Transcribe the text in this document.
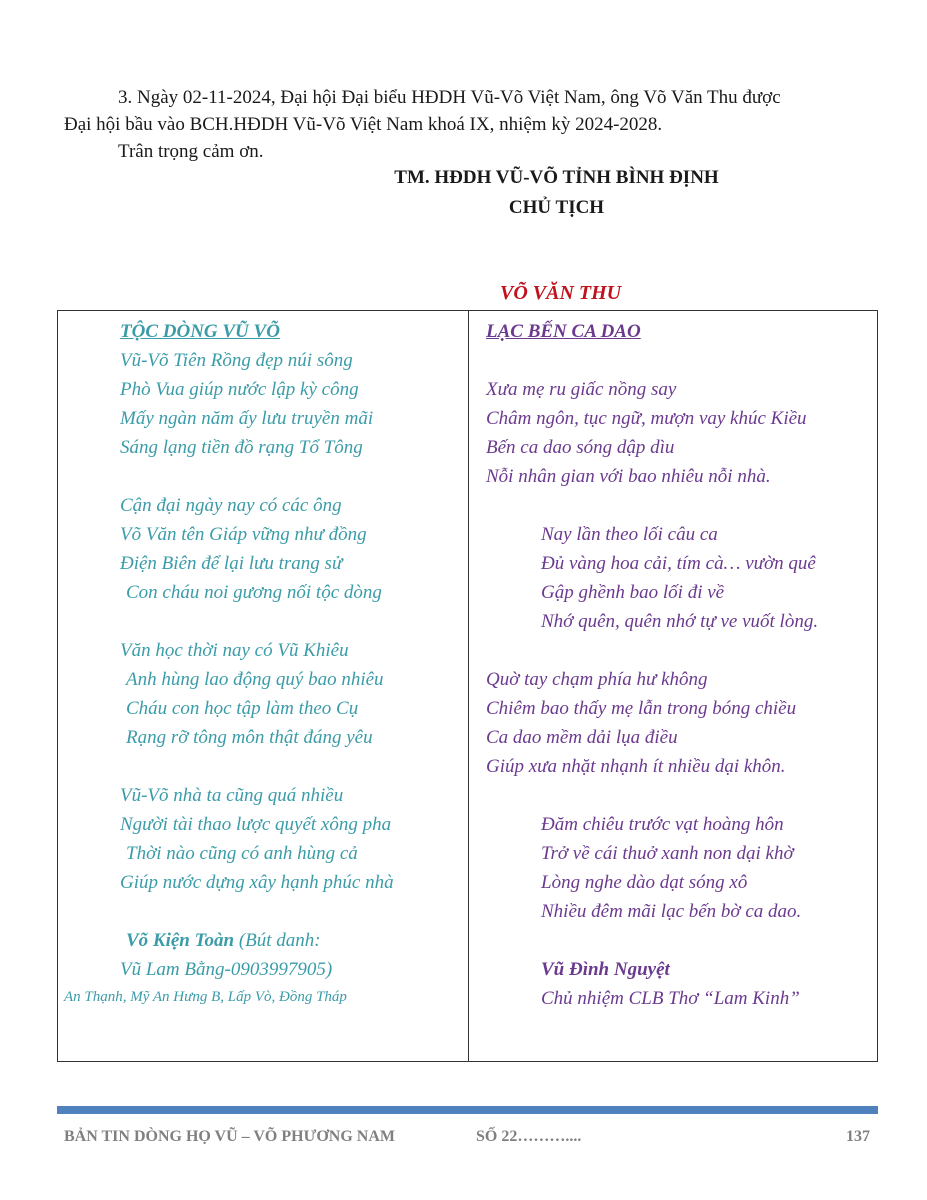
3. Ngày 02-11-2024, Đại hội Đại biểu HĐDH Vũ-Võ Việt Nam, ông Võ Văn Thu được

Đại hội bầu vào BCH.HĐDH Vũ-Võ Việt Nam khoá IX, nhiệm kỳ 2024-2028.

Trân trọng cảm ơn.

TM. HĐDH VŨ-VÕ TỈNH BÌNH ĐỊNH
CHỦ TỊCH
VÕ VĂN THU
TỘC DÒNG VŨ VÕ
Vũ-Võ Tiên Rồng đẹp núi sông
Phò Vua giúp nước lập kỳ công
Mấy ngàn năm ấy lưu truyền mãi
Sáng lạng tiền đồ rạng Tổ Tông
Cận đại ngày nay có các ông
Võ Văn tên Giáp vững như đồng
Điện Biên để lại lưu trang sử
Con cháu noi gương nối tộc dòng
Văn học thời nay có Vũ Khiêu
Anh hùng lao động quý bao nhiêu
Cháu con học tập làm theo Cụ
Rạng rỡ tông môn thật đáng yêu
Vũ-Võ nhà ta cũng quá nhiều
Người tài thao lược quyết xông pha
Thời nào cũng có anh hùng cả
Giúp nước dựng xây hạnh phúc nhà
Võ Kiện Toàn (Bút danh:
Vũ Lam Bằng-0903997905)
An Thạnh, Mỹ An Hưng B, Lấp Vò, Đồng Tháp
LẠC BẾN CA DAO
Xưa mẹ ru giấc nồng say
Châm ngôn, tục ngữ, mượn vay khúc Kiều
Bến ca dao sóng dập dìu
Nỗi nhân gian với bao nhiêu nỗi nhà.
Nay lần theo lối câu ca
Đủ vàng hoa cải, tím cà… vườn quê
Gập ghềnh bao lối đi về
Nhớ quên, quên nhớ tự ve vuốt lòng.
Quờ tay chạm phía hư không
Chiêm bao thấy mẹ lẫn trong bóng chiều
Ca dao mềm dải lụa điều
Giúp xưa nhặt nhạnh ít nhiều dại khôn.
Đăm chiêu trước vạt hoàng hôn
Trở về cái thuở xanh non dại khờ
Lòng nghe dào dạt sóng xô
Nhiều đêm mãi lạc bến bờ ca dao.
Vũ Đình Nguyệt
Chủ nhiệm CLB Thơ “Lam Kinh”
BẢN TIN DÒNG HỌ VŨ – VÕ PHƯƠNG NAM	SỐ 22………....	137
